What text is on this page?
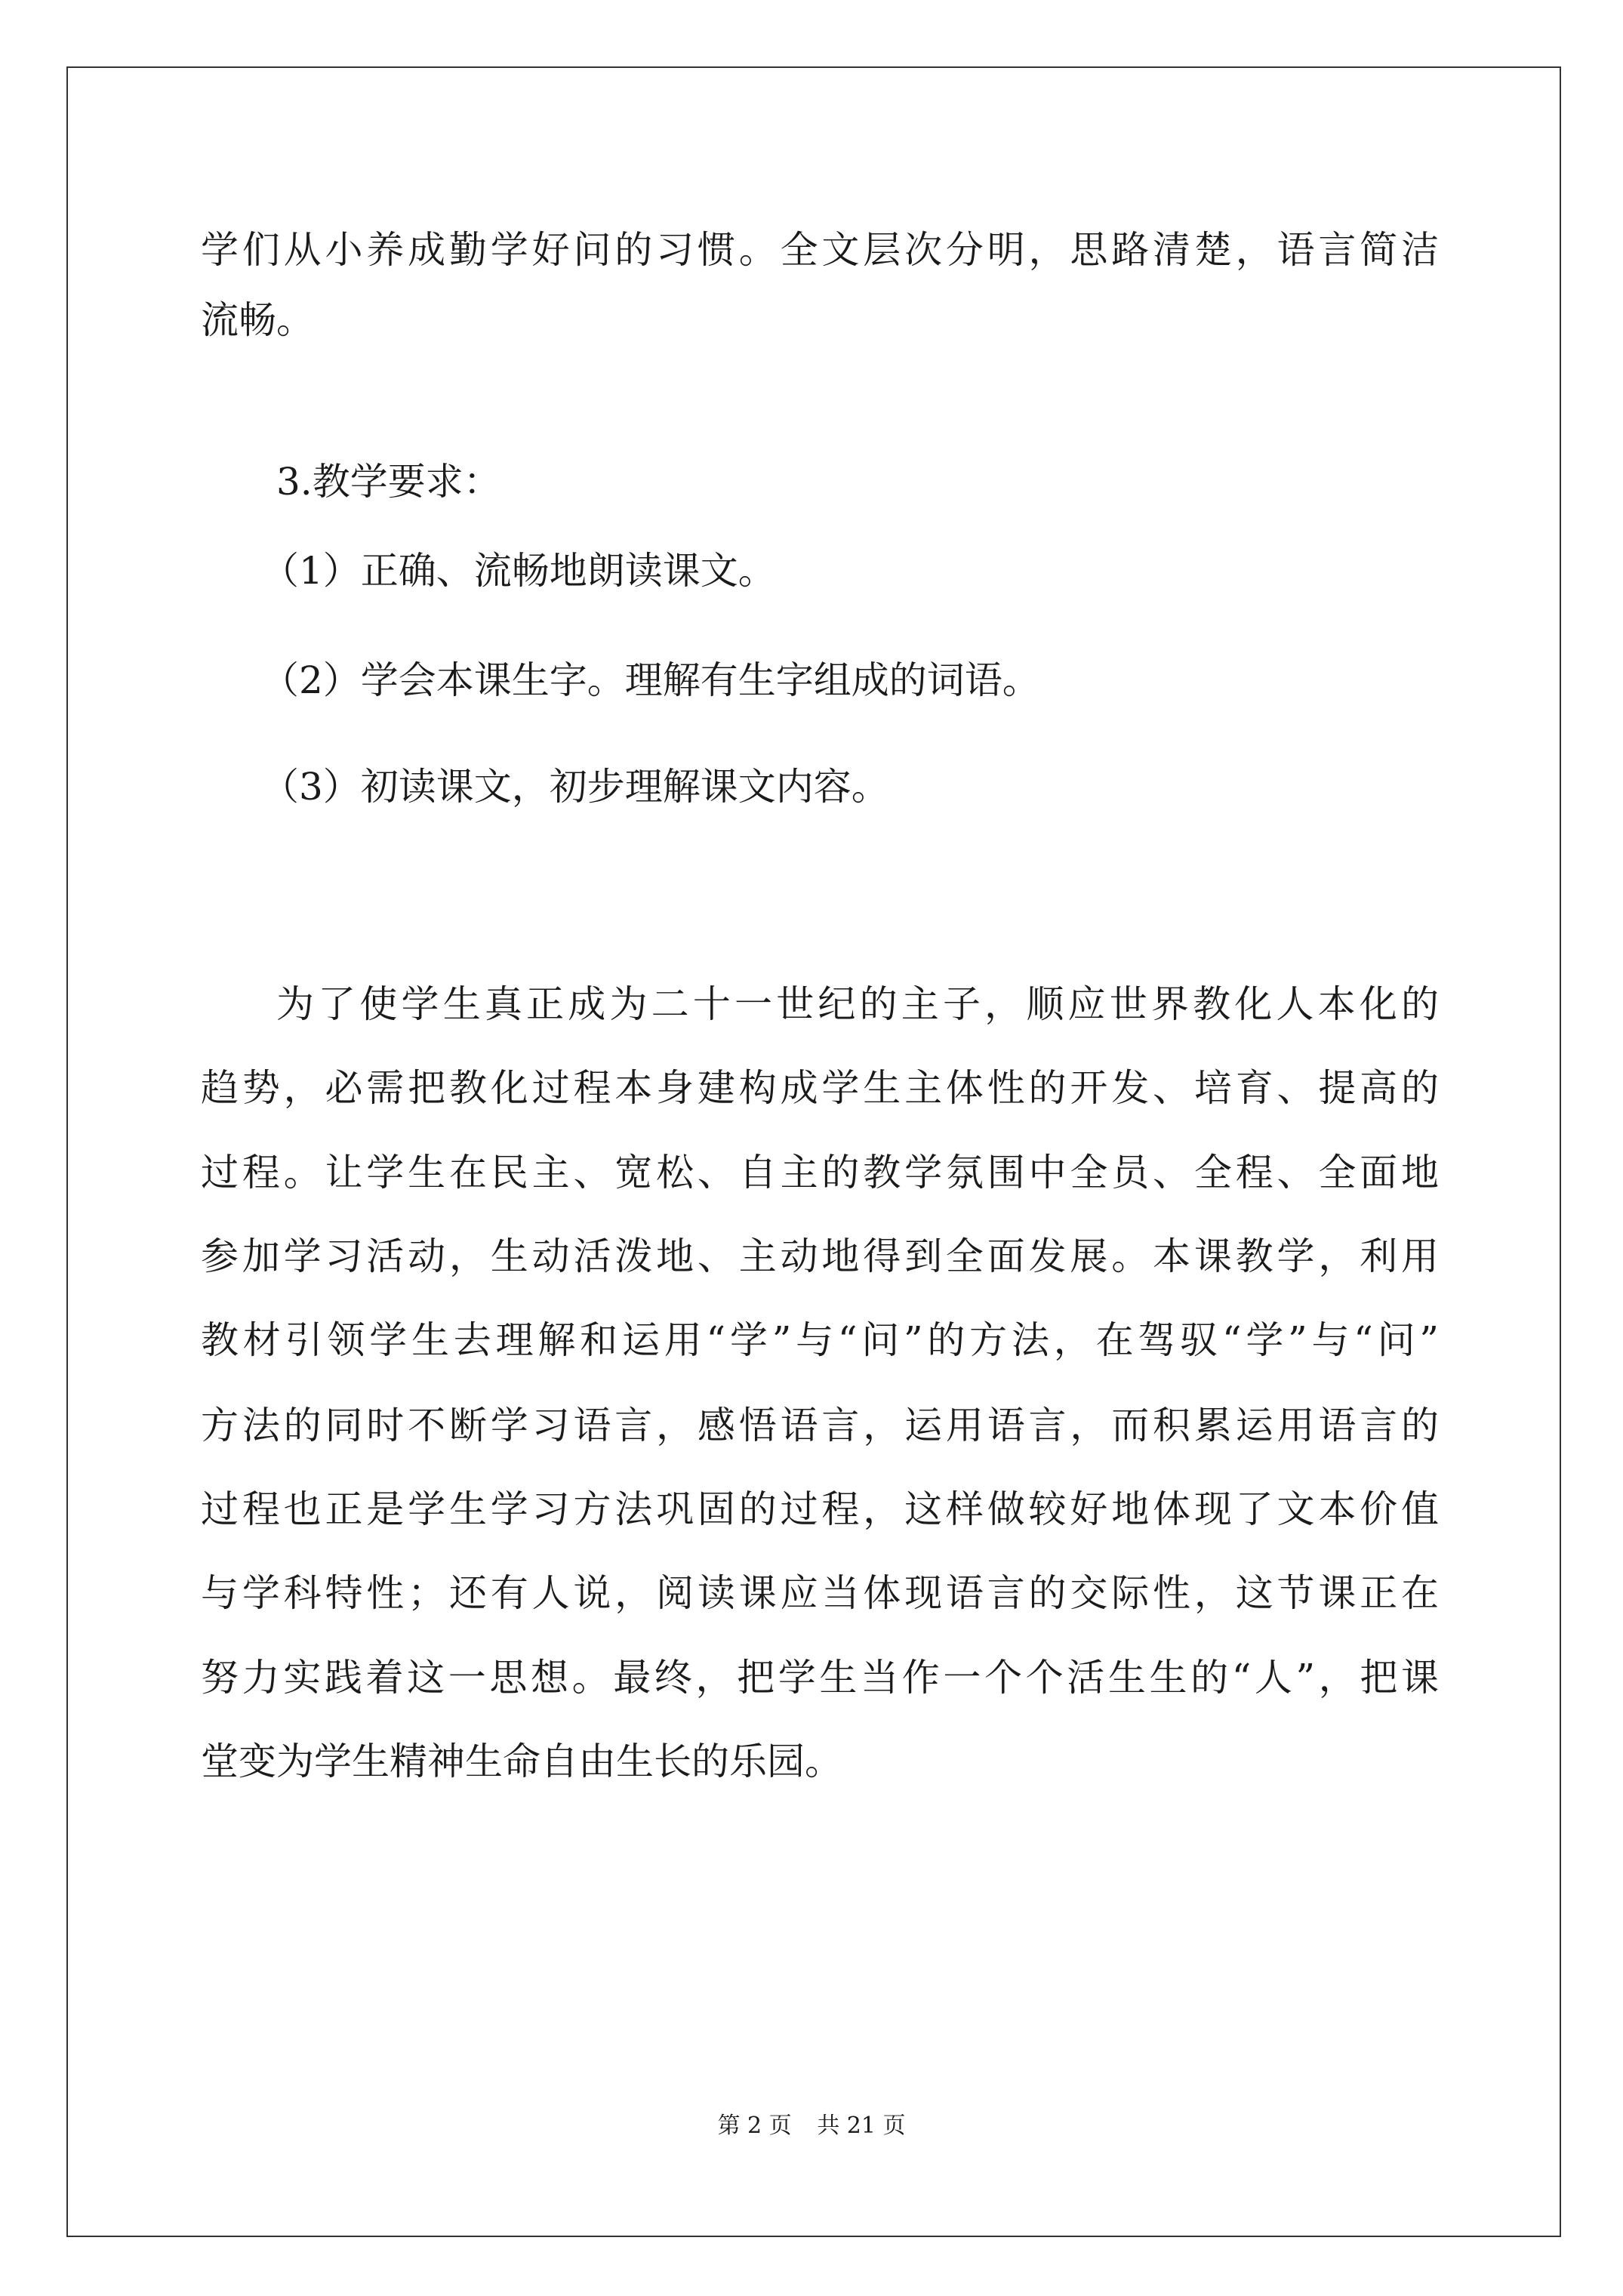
学们从小养成勤学好问的习惯。全文层次分明，思路清楚，语言简洁
流畅。
3.教学要求：
（1）正确、流畅地朗读课文。
（2）学会本课生字。理解有生字组成的词语。
（3）初读课文，初步理解课文内容。
为了使学生真正成为二十一世纪的主子，顺应世界教化人本化的
趋势，必需把教化过程本身建构成学生主体性的开发、培育、提高的
过程。让学生在民主、宽松、自主的教学氛围中全员、全程、全面地
参加学习活动，生动活泼地、主动地得到全面发展。本课教学，利用
教材引领学生去理解和运用“学”与“问”的方法，在驾驭“学”与“问”
方法的同时不断学习语言，感悟语言，运用语言，而积累运用语言的
过程也正是学生学习方法巩固的过程，这样做较好地体现了文本价值
与学科特性；还有人说，阅读课应当体现语言的交际性，这节课正在
努力实践着这一思想。最终，把学生当作一个个活生生的“人”，把课
堂变为学生精神生命自由生长的乐园。
第 2 页 共 21 页
